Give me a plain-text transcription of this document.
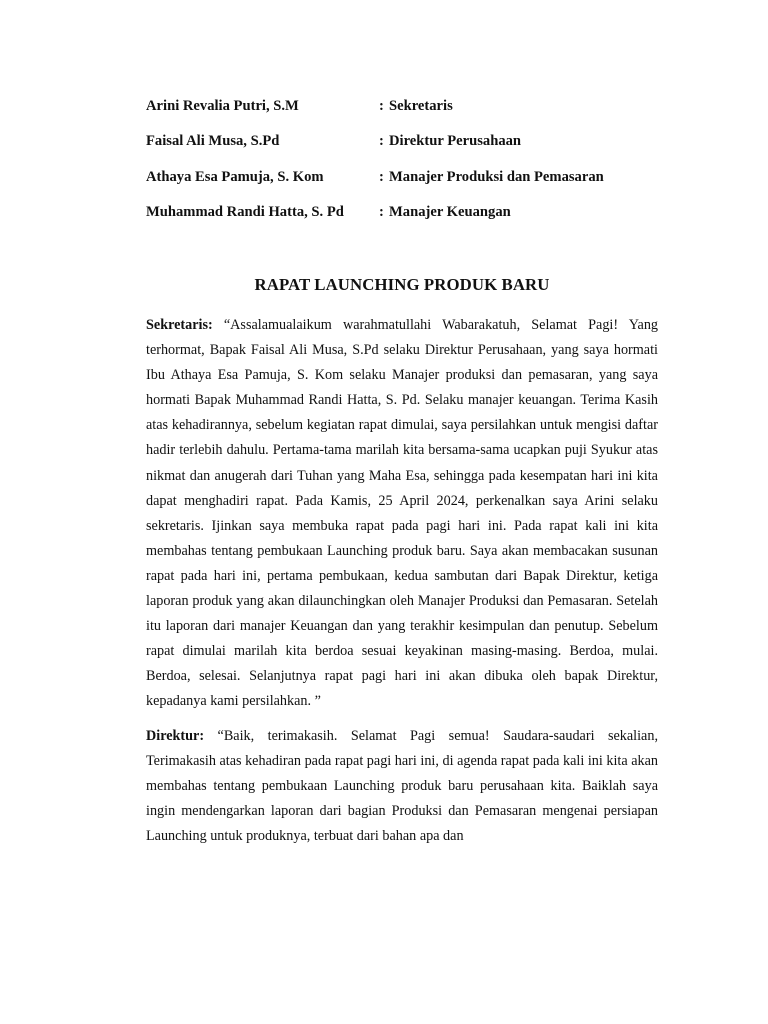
Arini Revalia Putri, S.M	: Sekretaris
Faisal Ali Musa, S.Pd	: Direktur Perusahaan
Athaya Esa Pamuja, S. Kom	: Manajer Produksi dan Pemasaran
Muhammad Randi Hatta, S. Pd	: Manajer Keuangan
RAPAT LAUNCHING PRODUK BARU

Sekretaris: “Assalamualaikum warahmatullahi Wabarakatuh, Selamat Pagi! Yang terhormat, Bapak Faisal Ali Musa, S.Pd selaku Direktur Perusahaan, yang saya hormati Ibu Athaya Esa Pamuja, S. Kom selaku Manajer produksi dan pemasaran, yang saya hormati Bapak Muhammad Randi Hatta, S. Pd. Selaku manajer keuangan. Terima Kasih atas kehadirannya, sebelum kegiatan rapat dimulai, saya persilahkan untuk mengisi daftar hadir terlebih dahulu. Pertama-tama marilah kita bersama-sama ucapkan puji Syukur atas nikmat dan anugerah dari Tuhan yang Maha Esa, sehingga pada kesempatan hari ini kita dapat menghadiri rapat. Pada Kamis, 25 April 2024, perkenalkan saya Arini selaku sekretaris. Ijinkan saya membuka rapat pada pagi hari ini. Pada rapat kali ini kita membahas tentang pembukaan Launching produk baru. Saya akan membacakan susunan rapat pada hari ini, pertama pembukaan, kedua sambutan dari Bapak Direktur, ketiga laporan produk yang akan dilaunchingkan oleh Manajer Produksi dan Pemasaran. Setelah itu laporan dari manajer Keuangan dan yang terakhir kesimpulan dan penutup. Sebelum rapat dimulai marilah kita berdoa sesuai keyakinan masing-masing. Berdoa, mulai. Berdoa, selesai. Selanjutnya rapat pagi hari ini akan dibuka oleh bapak Direktur, kepadanya kami persilahkan. ”

Direktur: “Baik, terimakasih. Selamat Pagi semua! Saudara-saudari sekalian, Terimakasih atas kehadiran pada rapat pagi hari ini, di agenda rapat pada kali ini kita akan membahas tentang pembukaan Launching produk baru perusahaan kita. Baiklah saya ingin mendengarkan laporan dari bagian Produksi dan Pemasaran mengenai persiapan Launching untuk produknya, terbuat dari bahan apa dan
